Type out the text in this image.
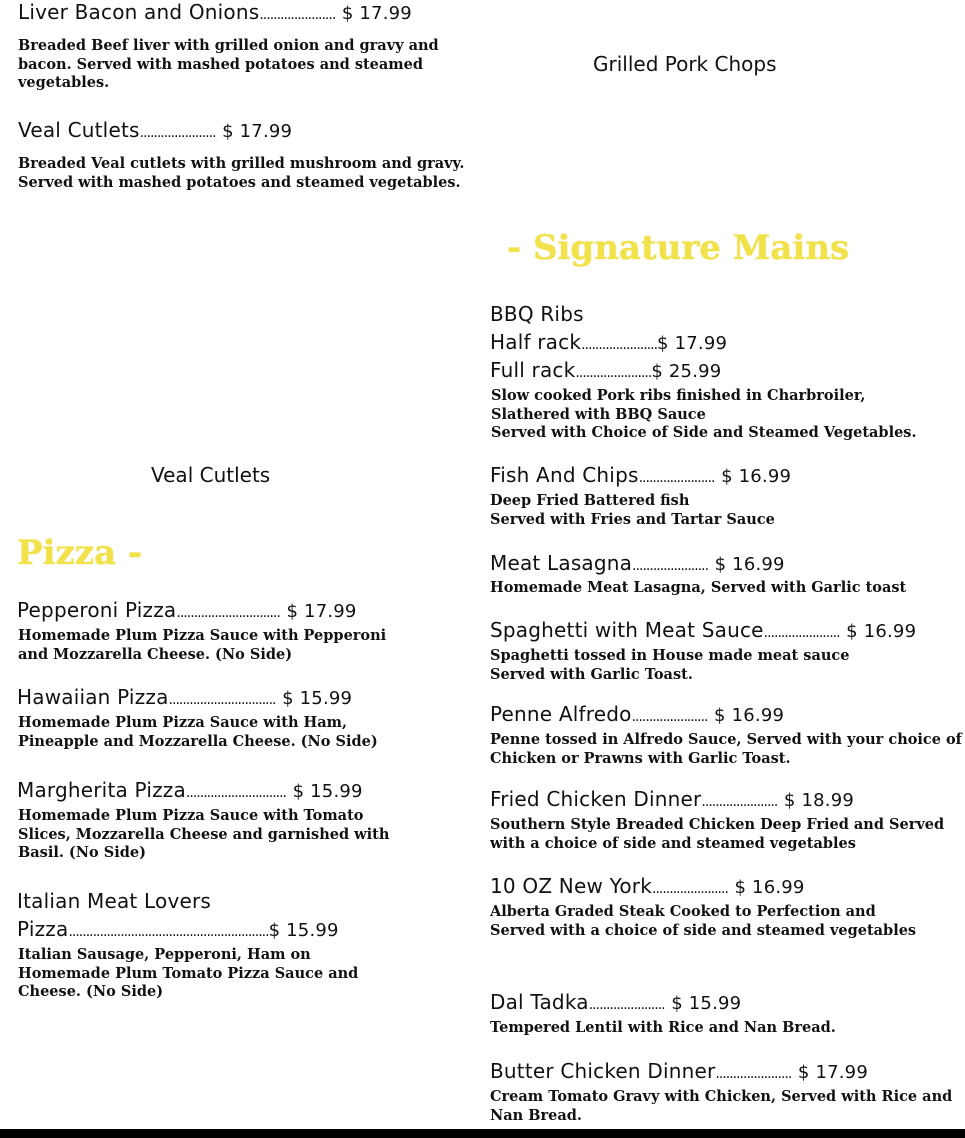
Liver Bacon and Onions...................... $ 17.99
Breaded Beef liver with grilled onion and gravy and
bacon. Served with mashed potatoes and steamed
vegetables.
Veal Cutlets...................... $ 17.99
Breaded Veal cutlets with grilled mushroom and gravy.
Served with mashed potatoes and steamed vegetables.
Grilled Pork Chops
Veal Cutlets
- Signature Mains
Pizza -
BBQ Ribs
Half rack......................$ 17.99
Full rack......................$ 25.99
Slow cooked Pork ribs finished in Charbroiler,
Slathered with BBQ Sauce
Served with Choice of Side and Steamed Vegetables.
Pepperoni Pizza.............................. $ 17.99
Homemade Plum Pizza Sauce with Pepperoni
and Mozzarella Cheese. (No Side)
Hawaiian Pizza............................... $ 15.99
Homemade Plum Pizza Sauce with Ham,
Pineapple and Mozzarella Cheese. (No Side)
Margherita Pizza............................. $ 15.99
Homemade Plum Pizza Sauce with Tomato
Slices, Mozzarella Cheese and garnished with
Basil. (No Side)
Italian Meat Lovers
Pizza..........................................................$ 15.99
Italian Sausage, Pepperoni, Ham on
Homemade Plum Tomato Pizza Sauce and
Cheese. (No Side)
Fish And Chips...................... $ 16.99
Deep Fried Battered fish
Served with Fries and Tartar Sauce
Meat Lasagna...................... $ 16.99
Homemade Meat Lasagna, Served with Garlic toast
Spaghetti with Meat Sauce...................... $ 16.99
Spaghetti tossed in House made meat sauce
Served with Garlic Toast.
Penne Alfredo...................... $ 16.99
Penne tossed in Alfredo Sauce, Served with your choice of
Chicken or Prawns with Garlic Toast.
Fried Chicken Dinner...................... $ 18.99
Southern Style Breaded Chicken Deep Fried and Served
with a choice of side and steamed vegetables
10 OZ New York...................... $ 16.99
Alberta Graded Steak Cooked to Perfection and
Served with a choice of side and steamed vegetables
Dal Tadka...................... $ 15.99
Tempered Lentil with Rice and Nan Bread.
Butter Chicken Dinner...................... $ 17.99
Cream Tomato Gravy with Chicken, Served with Rice and
Nan Bread.
